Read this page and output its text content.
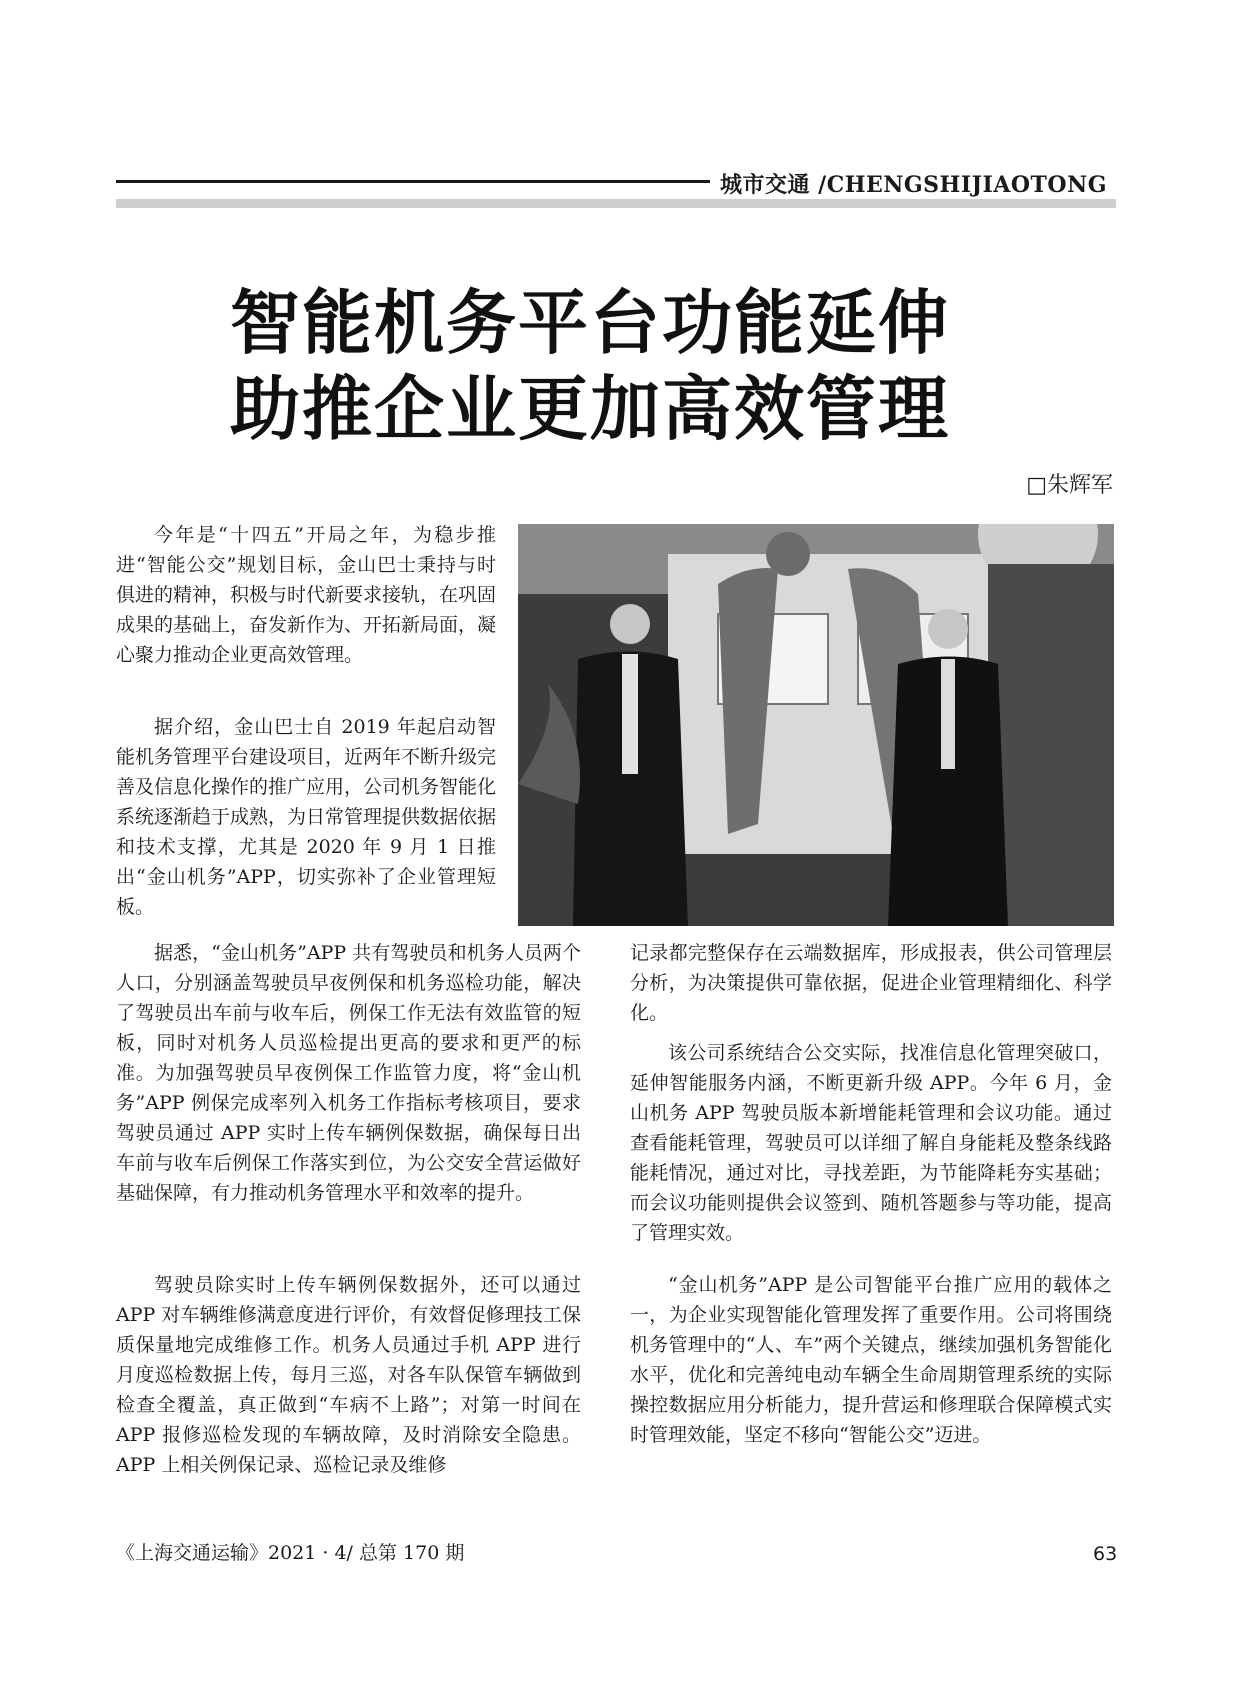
城市交通 /CHENGSHIJIAOTONG
智能机务平台功能延伸
助推企业更加高效管理
□朱辉军

今年是“十四五”开局之年，为稳步推进“智能公交”规划目标，金山巴士秉持与时俱进的精神，积极与时代新要求接轨，在巩固成果的基础上，奋发新作为、开拓新局面，凝心聚力推动企业更高效管理。

据介绍，金山巴士自 2019 年起启动智能机务管理平台建设项目，近两年不断升级完善及信息化操作的推广应用，公司机务智能化系统逐渐趋于成熟，为日常管理提供数据依据和技术支撑，尤其是 2020 年 9 月 1 日推出“金山机务”APP，切实弥补了企业管理短板。

据悉，“金山机务”APP 共有驾驶员和机务人员两个人口，分别涵盖驾驶员早夜例保和机务巡检功能，解决了驾驶员出车前与收车后，例保工作无法有效监管的短板，同时对机务人员巡检提出更高的要求和更严的标准。为加强驾驶员早夜例保工作监管力度，将“金山机务”APP 例保完成率列入机务工作指标考核项目，要求驾驶员通过 APP 实时上传车辆例保数据，确保每日出车前与收车后例保工作落实到位，为公交安全营运做好基础保障，有力推动机务管理水平和效率的提升。

驾驶员除实时上传车辆例保数据外，还可以通过 APP 对车辆维修满意度进行评价，有效督促修理技工保质保量地完成维修工作。机务人员通过手机 APP 进行月度巡检数据上传，每月三巡，对各车队保管车辆做到检查全覆盖，真正做到“车病不上路”；对第一时间在 APP 报修巡检发现的车辆故障，及时消除安全隐患。APP 上相关例保记录、巡检记录及维修

记录都完整保存在云端数据库，形成报表，供公司管理层分析，为决策提供可靠依据，促进企业管理精细化、科学化。

该公司系统结合公交实际，找准信息化管理突破口，延伸智能服务内涵，不断更新升级 APP。今年 6 月，金山机务 APP 驾驶员版本新增能耗管理和会议功能。通过查看能耗管理，驾驶员可以详细了解自身能耗及整条线路能耗情况，通过对比，寻找差距，为节能降耗夯实基础；而会议功能则提供会议签到、随机答题参与等功能，提高了管理实效。

“金山机务”APP 是公司智能平台推广应用的载体之一，为企业实现智能化管理发挥了重要作用。公司将围绕机务管理中的“人、车”两个关键点，继续加强机务智能化水平，优化和完善纯电动车辆全生命周期管理系统的实际操控数据应用分析能力，提升营运和修理联合保障模式实时管理效能，坚定不移向“智能公交”迈进。

《上海交通运输》2021 · 4/ 总第 170 期	63
